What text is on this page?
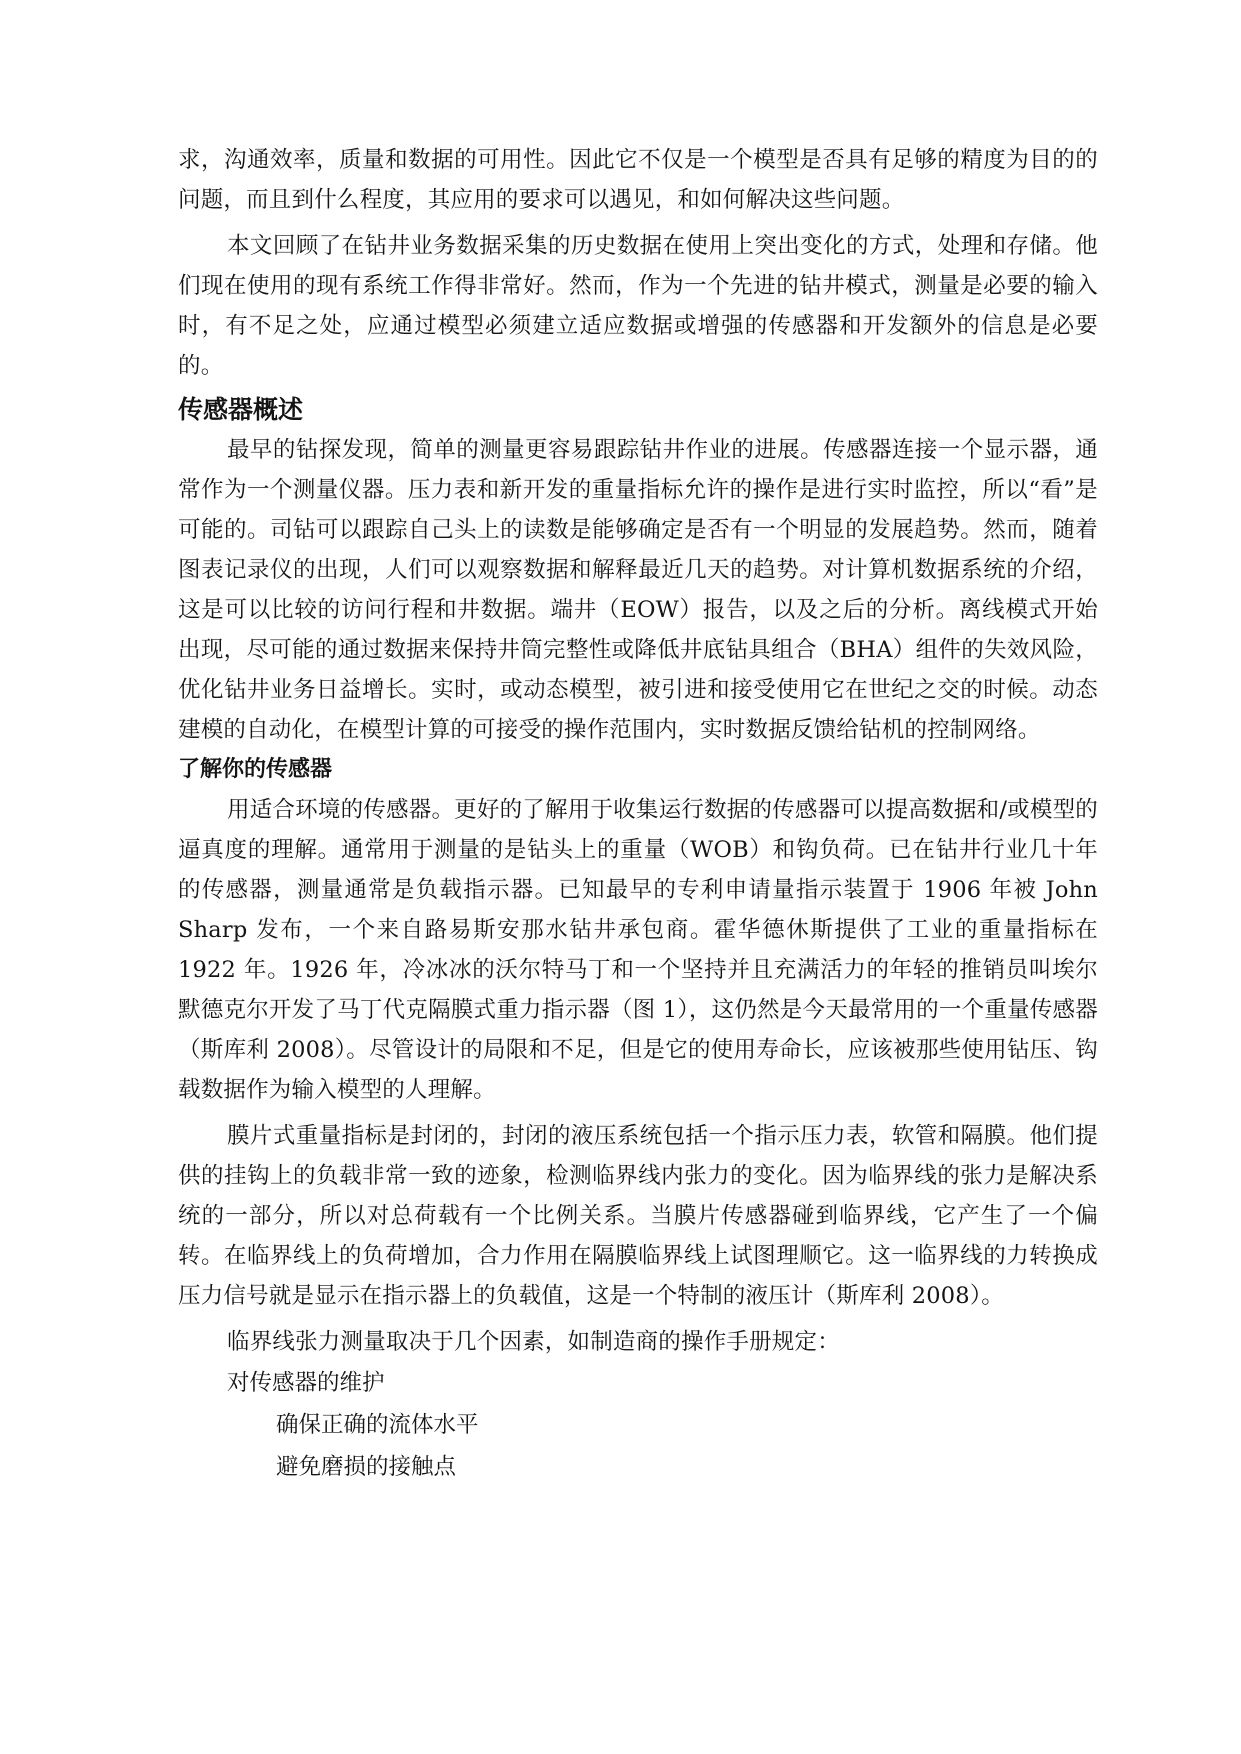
求，沟通效率，质量和数据的可用性。因此它不仅是一个模型是否具有足够的精度为目的的问题，而且到什么程度，其应用的要求可以遇见，和如何解决这些问题。

本文回顾了在钻井业务数据采集的历史数据在使用上突出变化的方式，处理和存储。他们现在使用的现有系统工作得非常好。然而，作为一个先进的钻井模式，测量是必要的输入时，有不足之处，应通过模型必须建立适应数据或增强的传感器和开发额外的信息是必要的。

传感器概述

最早的钻探发现，简单的测量更容易跟踪钻井作业的进展。传感器连接一个显示器，通常作为一个测量仪器。压力表和新开发的重量指标允许的操作是进行实时监控，所以“看”是可能的。司钻可以跟踪自己头上的读数是能够确定是否有一个明显的发展趋势。然而，随着图表记录仪的出现，人们可以观察数据和解释最近几天的趋势。对计算机数据系统的介绍，这是可以比较的访问行程和井数据。端井（EOW）报告，以及之后的分析。离线模式开始出现，尽可能的通过数据来保持井筒完整性或降低井底钻具组合（BHA）组件的失效风险，优化钻井业务日益增长。实时，或动态模型，被引进和接受使用它在世纪之交的时候。动态建模的自动化，在模型计算的可接受的操作范围内，实时数据反馈给钻机的控制网络。

了解你的传感器

用适合环境的传感器。更好的了解用于收集运行数据的传感器可以提高数据和/或模型的逼真度的理解。通常用于测量的是钻头上的重量（WOB）和钩负荷。已在钻井行业几十年的传感器，测量通常是负载指示器。已知最早的专利申请量指示装置于 1906 年被 John Sharp 发布，一个来自路易斯安那水钻井承包商。霍华德休斯提供了工业的重量指标在 1922 年。1926 年，冷冰冰的沃尔特马丁和一个坚持并且充满活力的年轻的推销员叫埃尔默德克尔开发了马丁代克隔膜式重力指示器（图 1），这仍然是今天最常用的一个重量传感器（斯库利 2008）。尽管设计的局限和不足，但是它的使用寿命长，应该被那些使用钻压、钩载数据作为输入模型的人理解。

膜片式重量指标是封闭的，封闭的液压系统包括一个指示压力表，软管和隔膜。他们提供的挂钩上的负载非常一致的迹象，检测临界线内张力的变化。因为临界线的张力是解决系统的一部分，所以对总荷载有一个比例关系。当膜片传感器碰到临界线，它产生了一个偏转。在临界线上的负荷增加，合力作用在隔膜临界线上试图理顺它。这一临界线的力转换成压力信号就是显示在指示器上的负载值，这是一个特制的液压计（斯库利 2008）。

临界线张力测量取决于几个因素，如制造商的操作手册规定：

对传感器的维护

确保正确的流体水平

避免磨损的接触点
